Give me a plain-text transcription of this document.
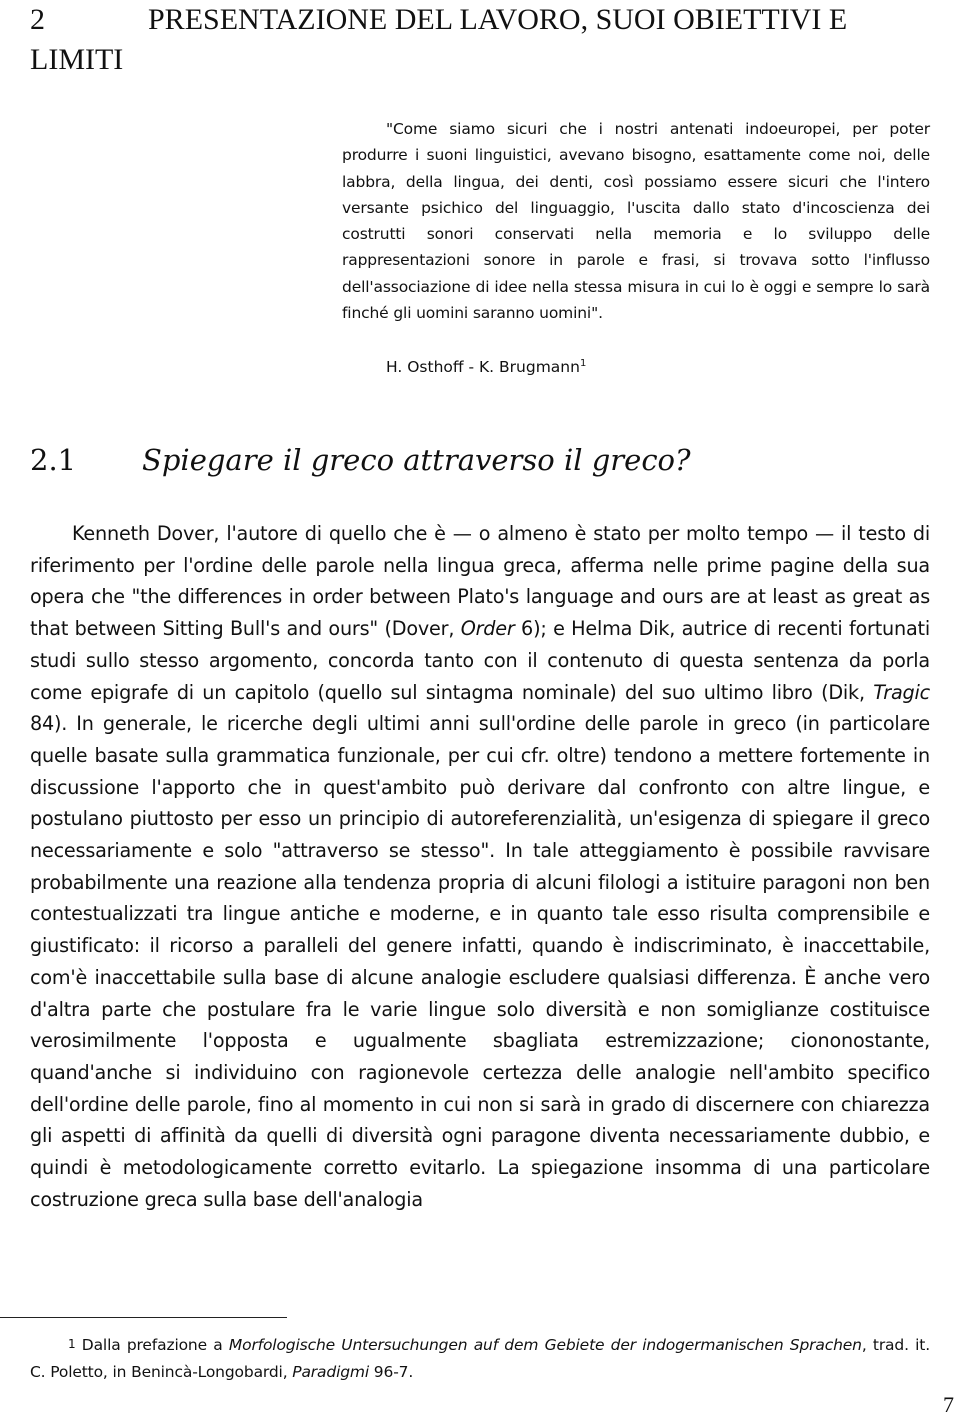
2	PRESENTAZIONE DEL LAVORO, SUOI OBIETTIVI E LIMITI

"Come siamo sicuri che i nostri antenati indoeuropei, per poter produrre i suoni linguistici, avevano bisogno, esattamente come noi, delle labbra, della lingua, dei denti, così possiamo essere sicuri che l'intero versante psichico del linguaggio, l'uscita dallo stato d'incoscienza dei costrutti sonori conservati nella memoria e lo sviluppo delle rappresentazioni sonore in parole e frasi, si trovava sotto l'influsso dell'associazione di idee nella stessa misura in cui lo è oggi e sempre lo sarà finché gli uomini saranno uomini".

H. Osthoff - K. Brugmann$^1$

2.1 Spiegare il greco attraverso il greco?

Kenneth Dover, l'autore di quello che è — o almeno è stato per molto tempo — il testo di riferimento per l'ordine delle parole nella lingua greca, afferma nelle prime pagine della sua opera che "the differences in order between Plato's language and ours are at least as great as that between Sitting Bull's and ours" (Dover, Order 6); e Helma Dik, autrice di recenti fortunati studi sullo stesso argomento, concorda tanto con il contenuto di questa sentenza da porla come epigrafe di un capitolo (quello sul sintagma nominale) del suo ultimo libro (Dik, Tragic 84). In generale, le ricerche degli ultimi anni sull'ordine delle parole in greco (in particolare quelle basate sulla grammatica funzionale, per cui cfr. oltre) tendono a mettere fortemente in discussione l'apporto che in quest'ambito può derivare dal confronto con altre lingue, e postulano piuttosto per esso un principio di autoreferenzialità, un'esigenza di spiegare il greco necessariamente e solo "attraverso se stesso". In tale atteggiamento è possibile ravvisare probabilmente una reazione alla tendenza propria di alcuni filologi a istituire paragoni non ben contestualizzati tra lingue antiche e moderne, e in quanto tale esso risulta comprensibile e giustificato: il ricorso a paralleli del genere infatti, quando è indiscriminato, è inaccettabile, com'è inaccettabile sulla base di alcune analogie escludere qualsiasi differenza. È anche vero d'altra parte che postulare fra le varie lingue solo diversità e non somiglianze costituisce verosimilmente l'opposta e ugualmente sbagliata estremizzazione; ciononostante, quand'anche si individuino con ragionevole certezza delle analogie nell'ambito specifico dell'ordine delle parole, fino al momento in cui non si sarà in grado di discernere con chiarezza gli aspetti di affinità da quelli di diversità ogni paragone diventa necessariamente dubbio, e quindi è metodologicamente corretto evitarlo. La spiegazione insomma di una particolare costruzione greca sulla base dell'analogia

1 Dalla prefazione a Morfologische Untersuchungen auf dem Gebiete der indogermanischen Sprachen, trad. it. C. Poletto, in Benincà-Longobardi, Paradigmi 96-7.

7
